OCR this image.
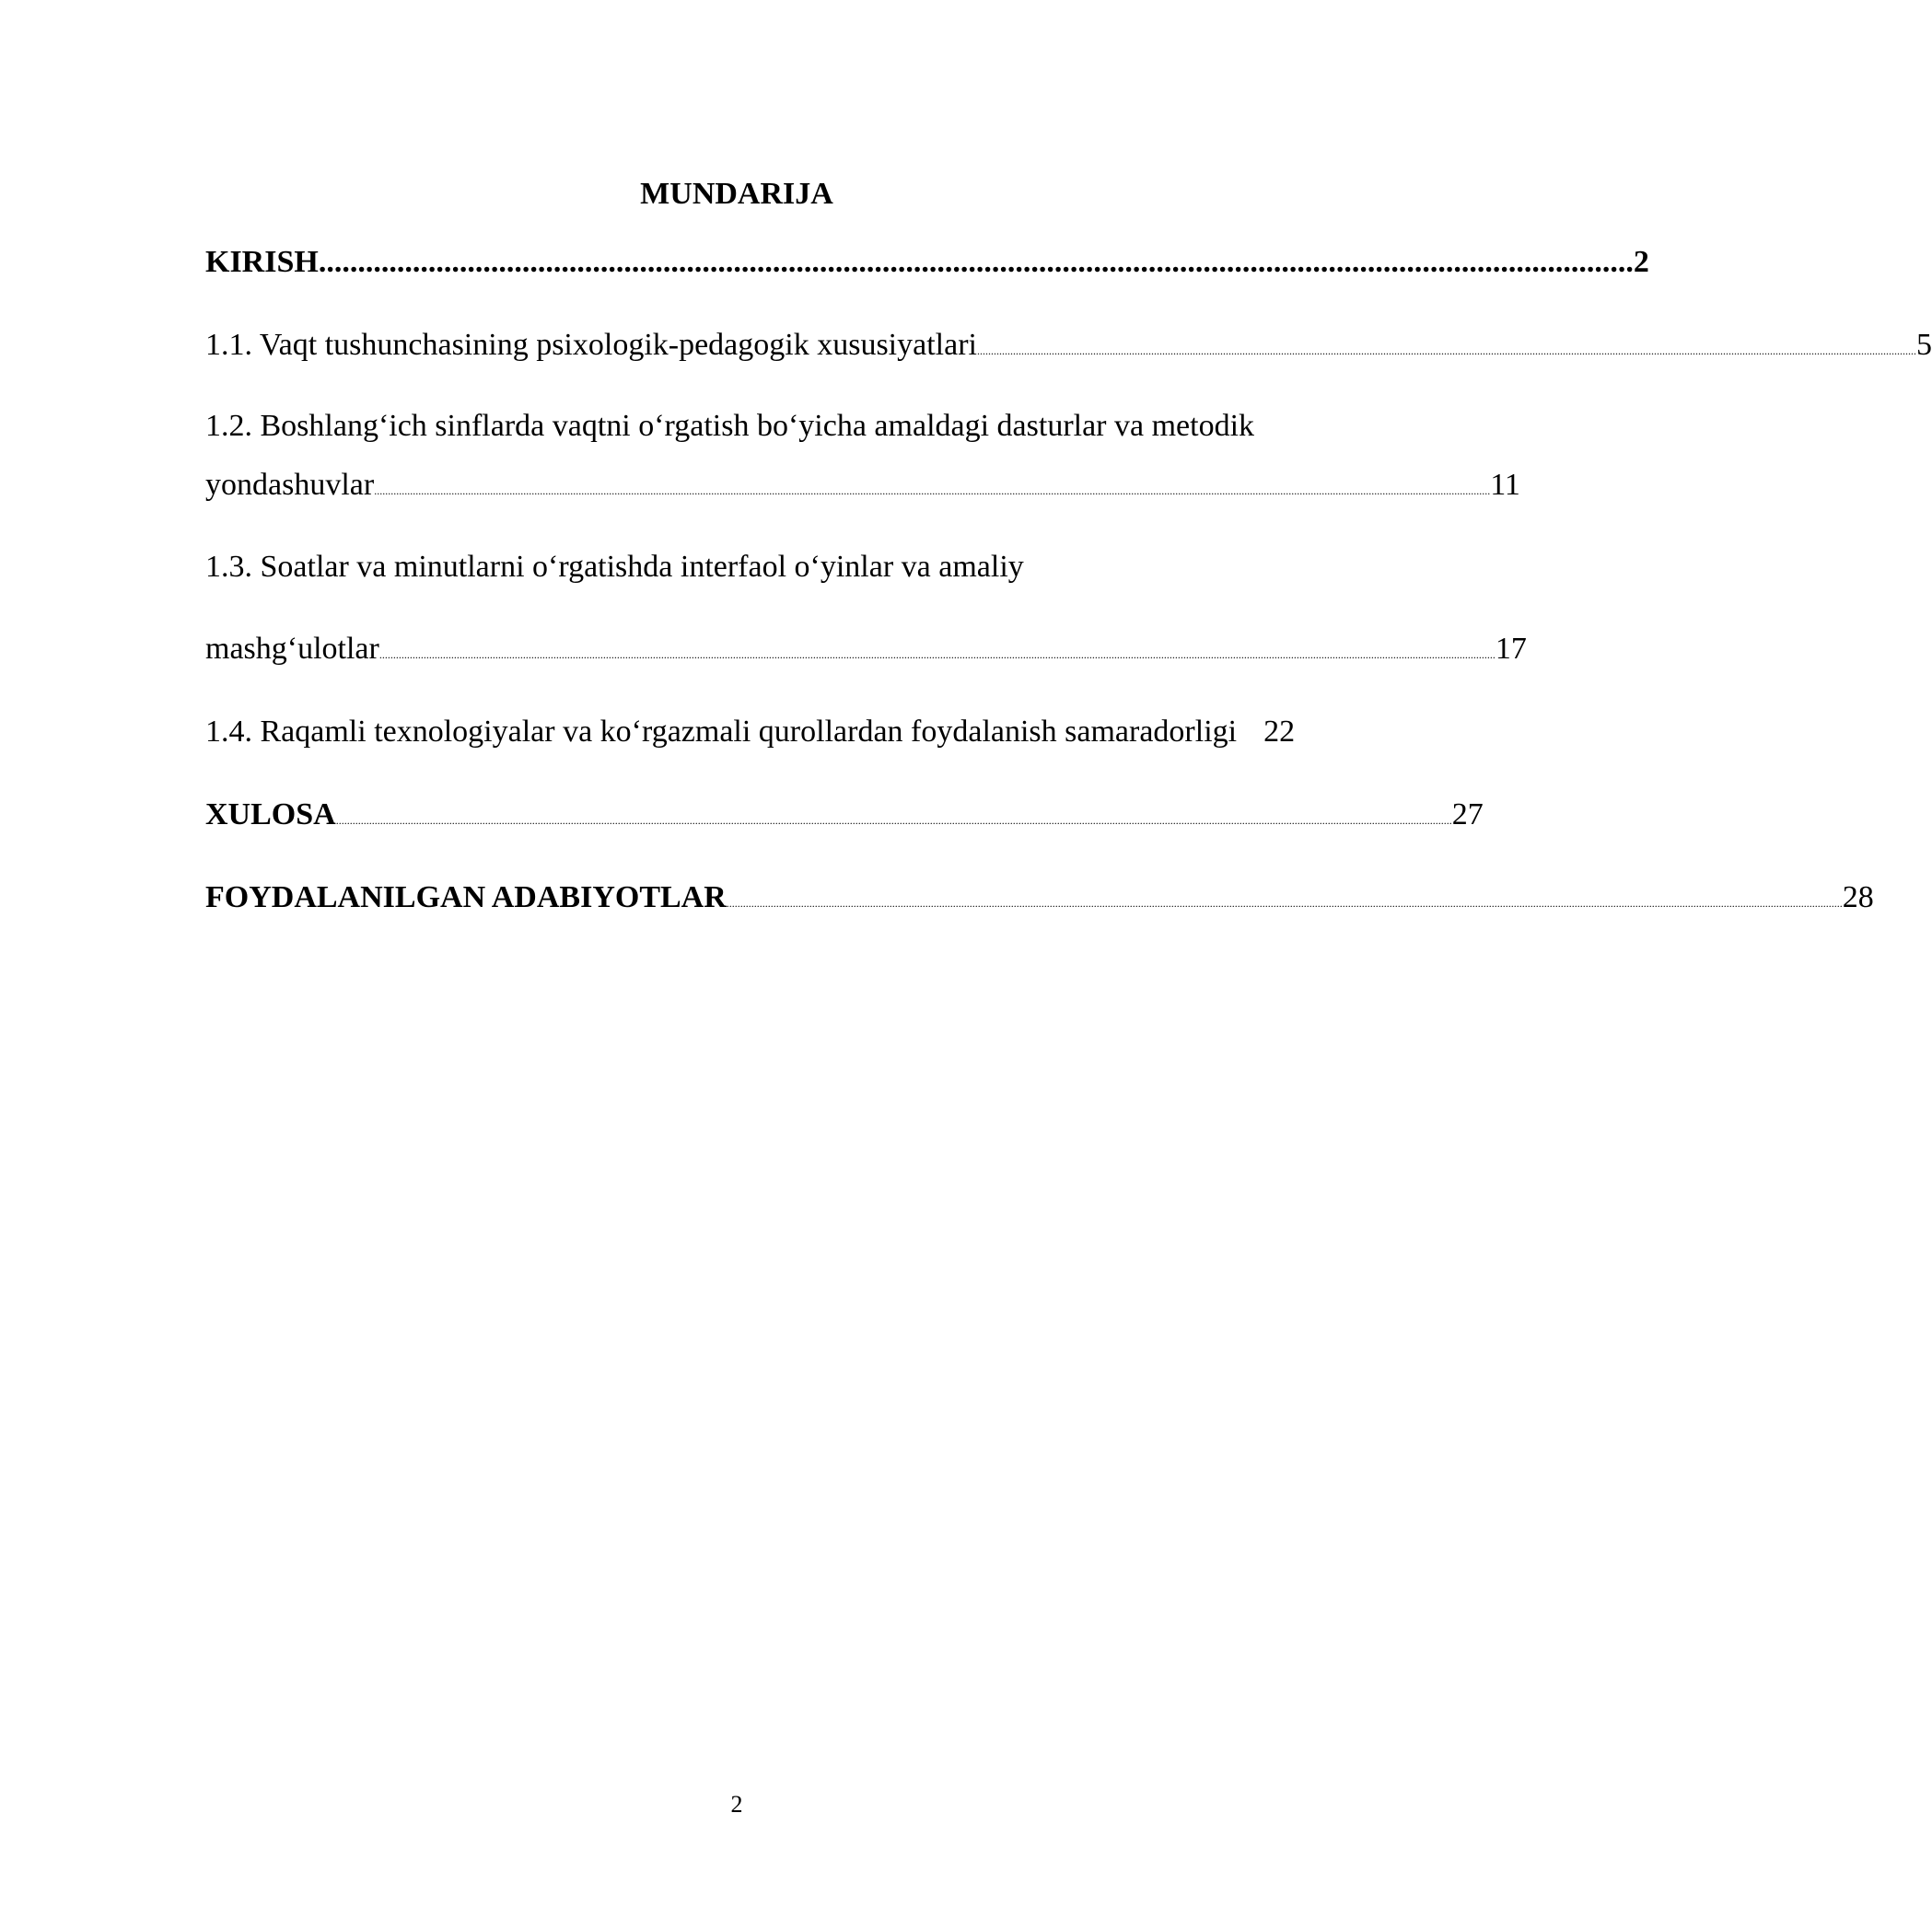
MUNDARIJA
KIRISH ........................................................................................................................................................................ 2
1.1. Vaqt tushunchasining psixologik-pedagogik xususiyatlari .................................................................................................................................................................................................................................................................................................................................................... 5
1.2. Boshlang‘ich sinflarda vaqtni o‘rgatish bo‘yicha amaldagi dasturlar va metodik
yondashuvlar .................................................................................................................................................................................................................................................................................................................................................................................................................... 11
1.3. Soatlar va minutlarni o‘rgatishda interfaol o‘yinlar va amaliy
mashg‘ulotlar .................................................................................................................................................................................................................................................................................................................................................................................................................... 17
1.4. Raqamli texnologiyalar va ko‘rgazmali qurollardan foydalanish samaradorligi 22
XULOSA .................................................................................................................................................................................................................................................................................................................................................................................................................... 27
FOYDALANILGAN ADABIYOTLAR .................................................................................................................................................................................................................................................................................................................................................................................................................... 28
2
